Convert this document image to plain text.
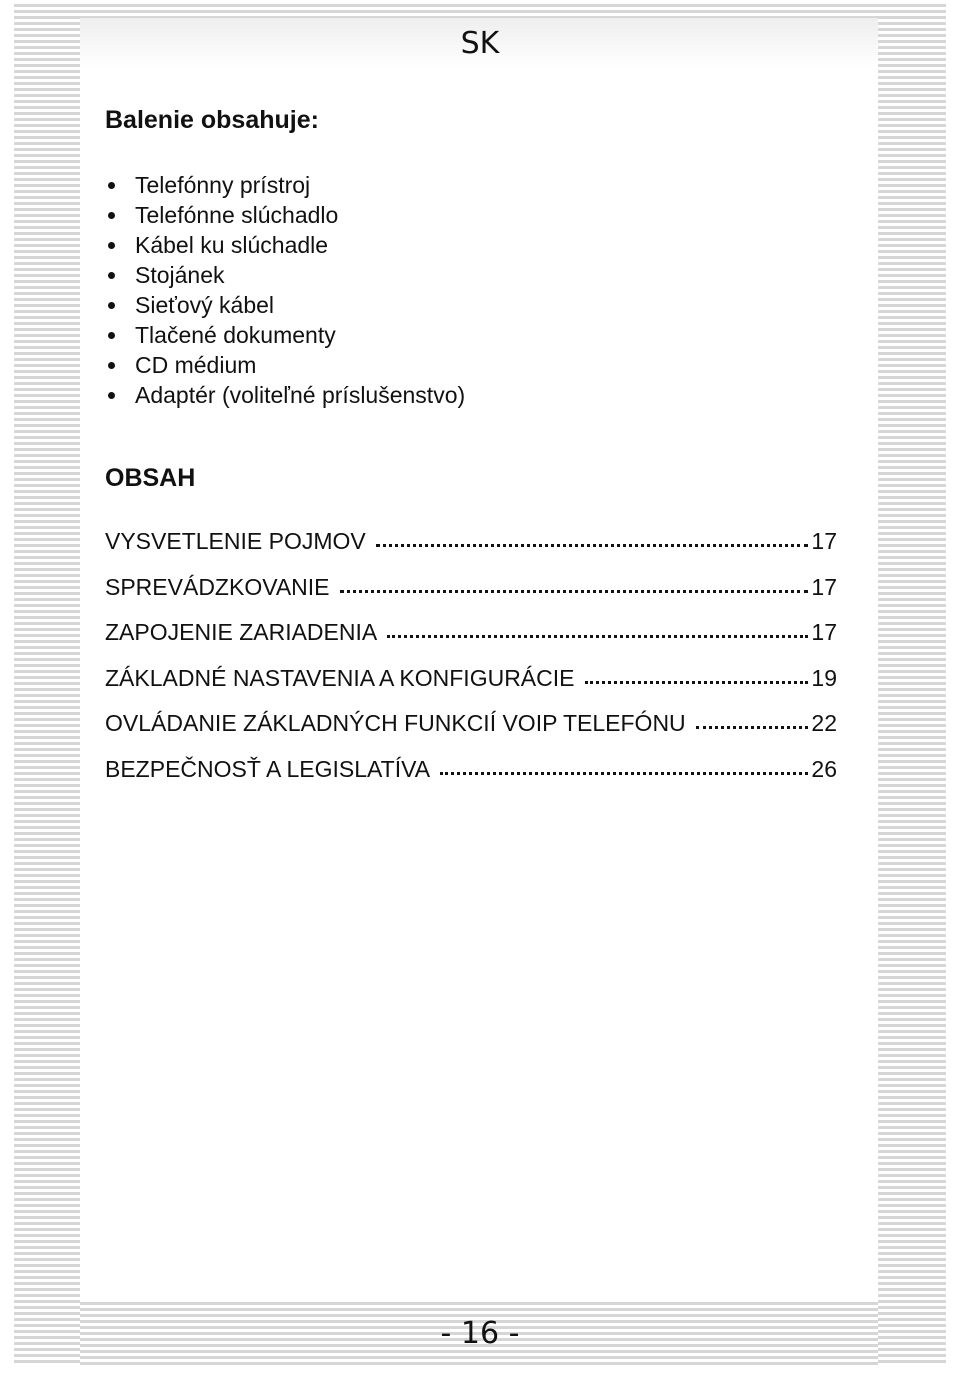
SK
Balenie obsahuje:
Telefónny prístroj
Telefónne slúchadlo
Kábel ku slúchadle
Stojánek
Sieťový kábel
Tlačené dokumenty
CD médium
Adaptér (voliteľné príslušenstvo)
OBSAH
VYSVETLENIE POJMOV	17
SPREVÁDZKOVANIE	17
ZAPOJENIE ZARIADENIA	17
ZÁKLADNÉ NASTAVENIA A KONFIGURÁCIE	19
OVLÁDANIE ZÁKLADNÝCH FUNKCIÍ VOIP TELEFÓNU	22
BEZPEČNOSŤ A LEGISLATÍVA	26
- 16 -
